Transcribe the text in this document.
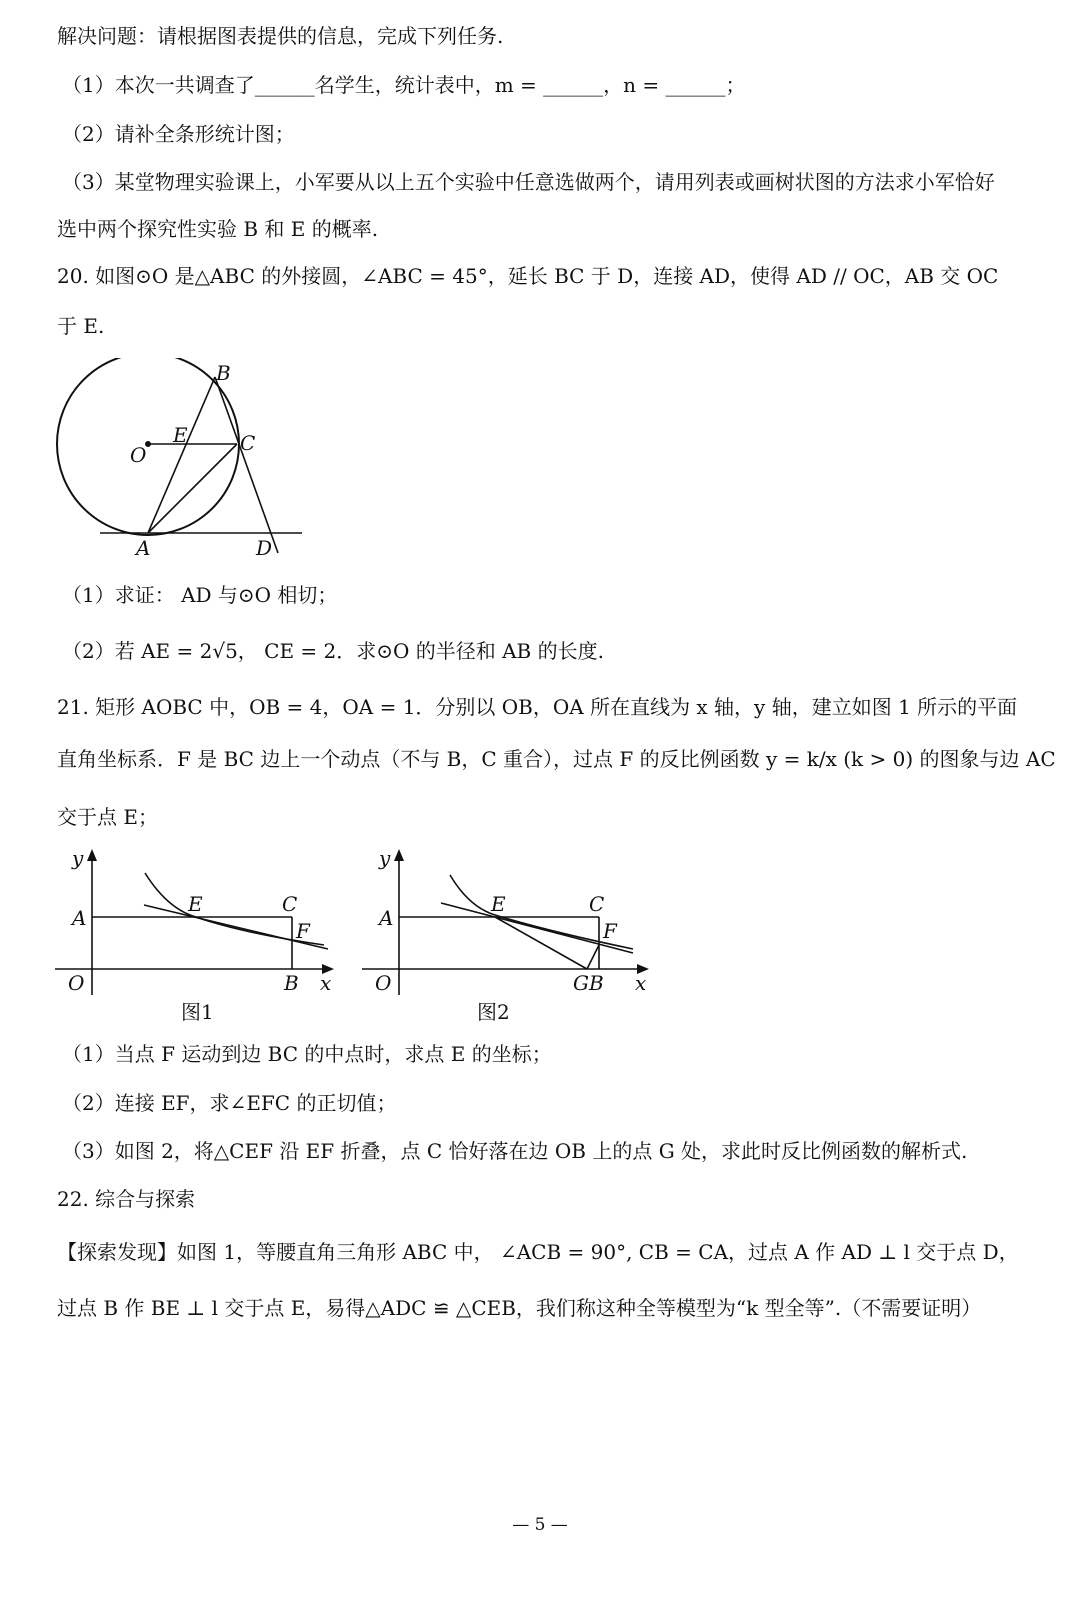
解决问题：请根据图表提供的信息，完成下列任务.
（1）本次一共调查了______名学生，统计表中，m = ______，n = ______；
（2）请补全条形统计图；
（3）某堂物理实验课上，小军要从以上五个实验中任意选做两个，请用列表或画树状图的方法求小军恰好
选中两个探究性实验 B 和 E 的概率.
20. 如图⊙O 是△ABC 的外接圆，∠ABC = 45°，延长 BC 于 D，连接 AD，使得 AD // OC，AB 交 OC
于 E.
B
E	C
O
A	D
（1）求证： AD 与⊙O 相切；
（2）若 AE = 2√5， CE = 2．求⊙O 的半径和 AB 的长度.
21. 矩形 AOBC 中，OB = 4，OA = 1．分别以 OB，OA 所在直线为 x 轴，y 轴，建立如图 1 所示的平面
直角坐标系．F 是 BC 边上一个动点（不与 B，C 重合），过点 F 的反比例函数 y = k/x (k > 0) 的图象与边 AC
交于点 E；
y
A
E	C
F
O	B x
图1
y
A
E	C
F
O	GB x
图2
（1）当点 F 运动到边 BC 的中点时，求点 E 的坐标；
（2）连接 EF，求∠EFC 的正切值；
（3）如图 2，将△CEF 沿 EF 折叠，点 C 恰好落在边 OB 上的点 G 处，求此时反比例函数的解析式.
22. 综合与探索
【探索发现】如图 1，等腰直角三角形 ABC 中， ∠ACB = 90°, CB = CA，过点 A 作 AD ⊥ l 交于点 D，
过点 B 作 BE ⊥ l 交于点 E，易得△ADC ≌ △CEB，我们称这种全等模型为“k 型全等”.（不需要证明）
— 5 —
